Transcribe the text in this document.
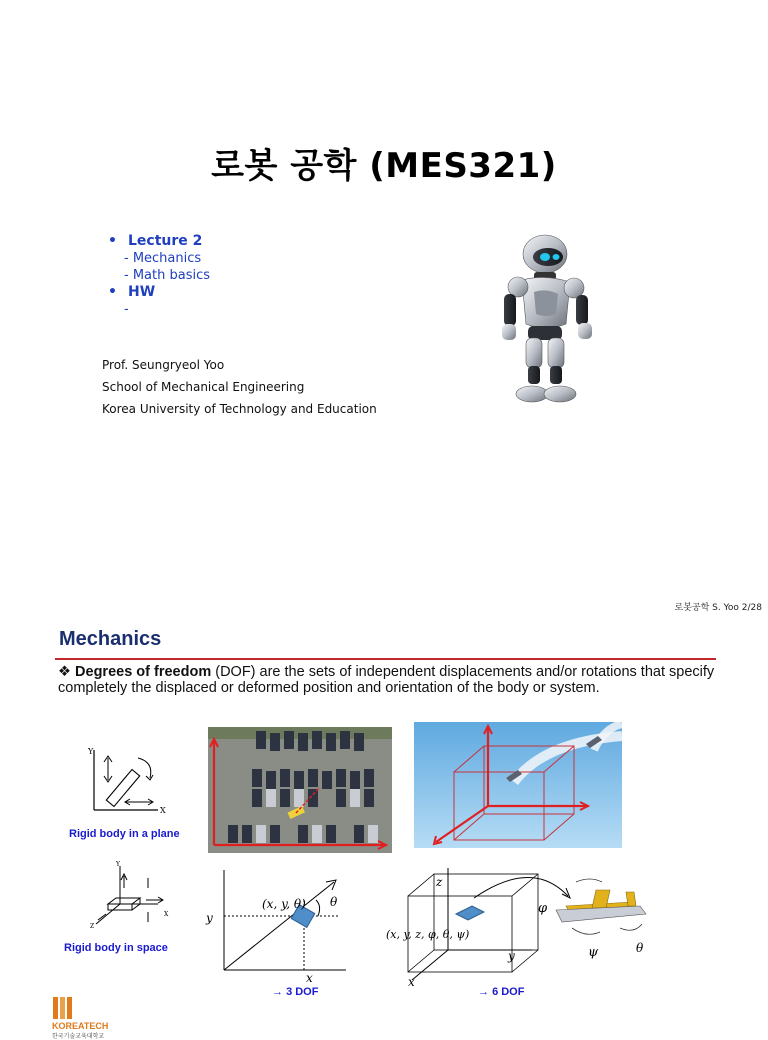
로봇 공학 (MES321)
• Lecture 2
- Mechanics
- Math basics
• HW
-
Prof. Seungryeol Yoo
School of Mechanical Engineering
Korea University of Technology and Education
로봇공학 S. Yoo 2/28
Mechanics
❖ Degrees of freedom (DOF) are the sets of independent displacements and/or rotations that specify completely the displaced or deformed position and orientation of the body or system.
Y
X
Rigid body in a plane
Y
X
Z
Rigid body in space
(x, y, θ) θ
y
x
→ 3 DOF
z
(x, y, z, φ, θ, ψ)
y
x
→ 6 DOF
φ
ψ	θ
KOREATECH
한국기술교육대학교
